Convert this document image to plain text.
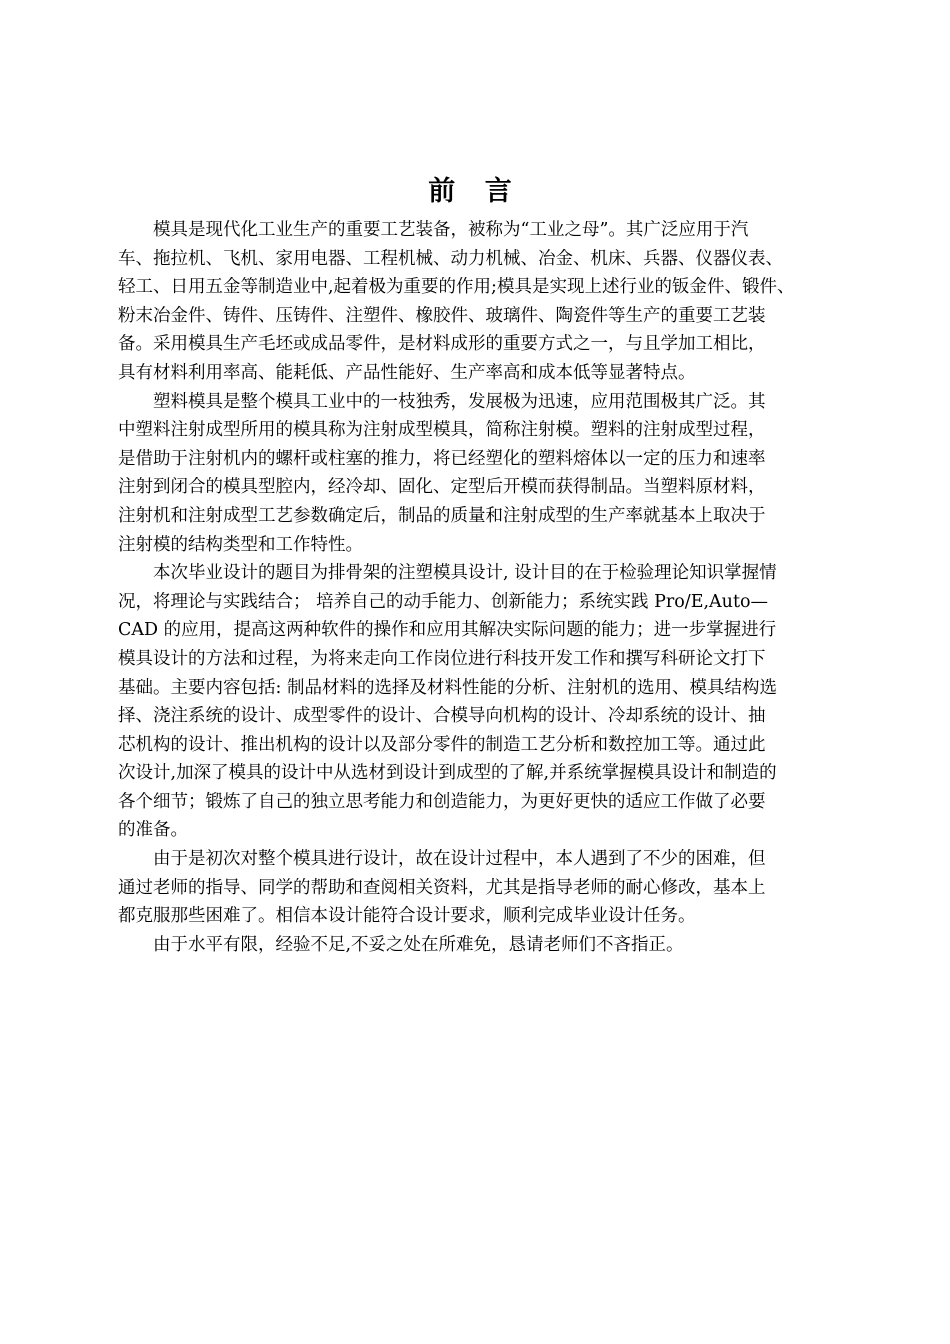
前 言
模具是现代化工业生产的重要工艺装备，被称为“工业之母”。其广泛应用于汽
车、拖拉机、飞机、家用电器、工程机械、动力机械、冶金、机床、兵器、仪器仪表、
轻工、日用五金等制造业中,起着极为重要的作用;模具是实现上述行业的钣金件、锻件、
粉末冶金件、铸件、压铸件、注塑件、橡胶件、玻璃件、陶瓷件等生产的重要工艺装
备。采用模具生产毛坯或成品零件，是材料成形的重要方式之一，与且学加工相比，
具有材料利用率高、能耗低、产品性能好、生产率高和成本低等显著特点。
塑料模具是整个模具工业中的一枝独秀，发展极为迅速，应用范围极其广泛。其
中塑料注射成型所用的模具称为注射成型模具，简称注射模。塑料的注射成型过程，
是借助于注射机内的螺杆或柱塞的推力，将已经塑化的塑料熔体以一定的压力和速率
注射到闭合的模具型腔内，经冷却、固化、定型后开模而获得制品。当塑料原材料，
注射机和注射成型工艺参数确定后，制品的质量和注射成型的生产率就基本上取决于
注射模的结构类型和工作特性。
本次毕业设计的题目为排骨架的注塑模具设计, 设计目的在于检验理论知识掌握情
况，将理论与实践结合； 培养自己的动手能力、创新能力；系统实践 Pro/E,Auto—
CAD 的应用，提高这两种软件的操作和应用其解决实际问题的能力；进一步掌握进行
模具设计的方法和过程，为将来走向工作岗位进行科技开发工作和撰写科研论文打下
基础。主要内容包括: 制品材料的选择及材料性能的分析、注射机的选用、模具结构选
择、浇注系统的设计、成型零件的设计、合模导向机构的设计、冷却系统的设计、抽
芯机构的设计、推出机构的设计以及部分零件的制造工艺分析和数控加工等。通过此
次设计,加深了模具的设计中从选材到设计到成型的了解,并系统掌握模具设计和制造的
各个细节；锻炼了自己的独立思考能力和创造能力，为更好更快的适应工作做了必要
的准备。
由于是初次对整个模具进行设计，故在设计过程中，本人遇到了不少的困难，但
通过老师的指导、同学的帮助和查阅相关资料，尤其是指导老师的耐心修改，基本上
都克服那些困难了。相信本设计能符合设计要求，顺利完成毕业设计任务。
由于水平有限，经验不足,不妥之处在所难免，恳请老师们不吝指正。
